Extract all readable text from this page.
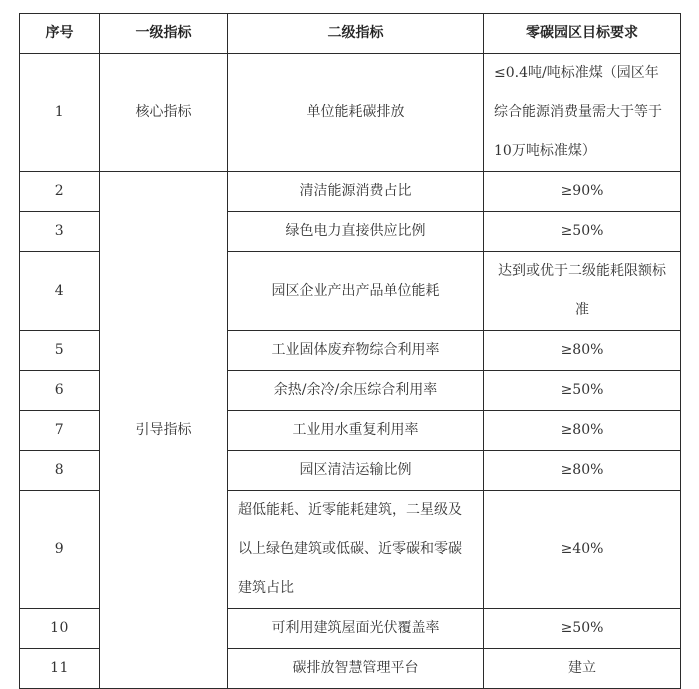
序号	一级指标	二级指标	零碳园区目标要求
1	核心指标	单位能耗碳排放	≤0.4吨/吨标准煤（园区年综合能源消费量需大于等于10万吨标准煤）
2	引导指标	清洁能源消费占比	≥90%
3		绿色电力直接供应比例	≥50%
4		园区企业产出产品单位能耗	达到或优于二级能耗限额标准
5		工业固体废弃物综合利用率	≥80%
6		余热/余冷/余压综合利用率	≥50%
7		工业用水重复利用率	≥80%
8		园区清洁运输比例	≥80%
9		超低能耗、近零能耗建筑，二星级及以上绿色建筑或低碳、近零碳和零碳建筑占比	≥40%
10		可利用建筑屋面光伏覆盖率	≥50%
11		碳排放智慧管理平台	建立
